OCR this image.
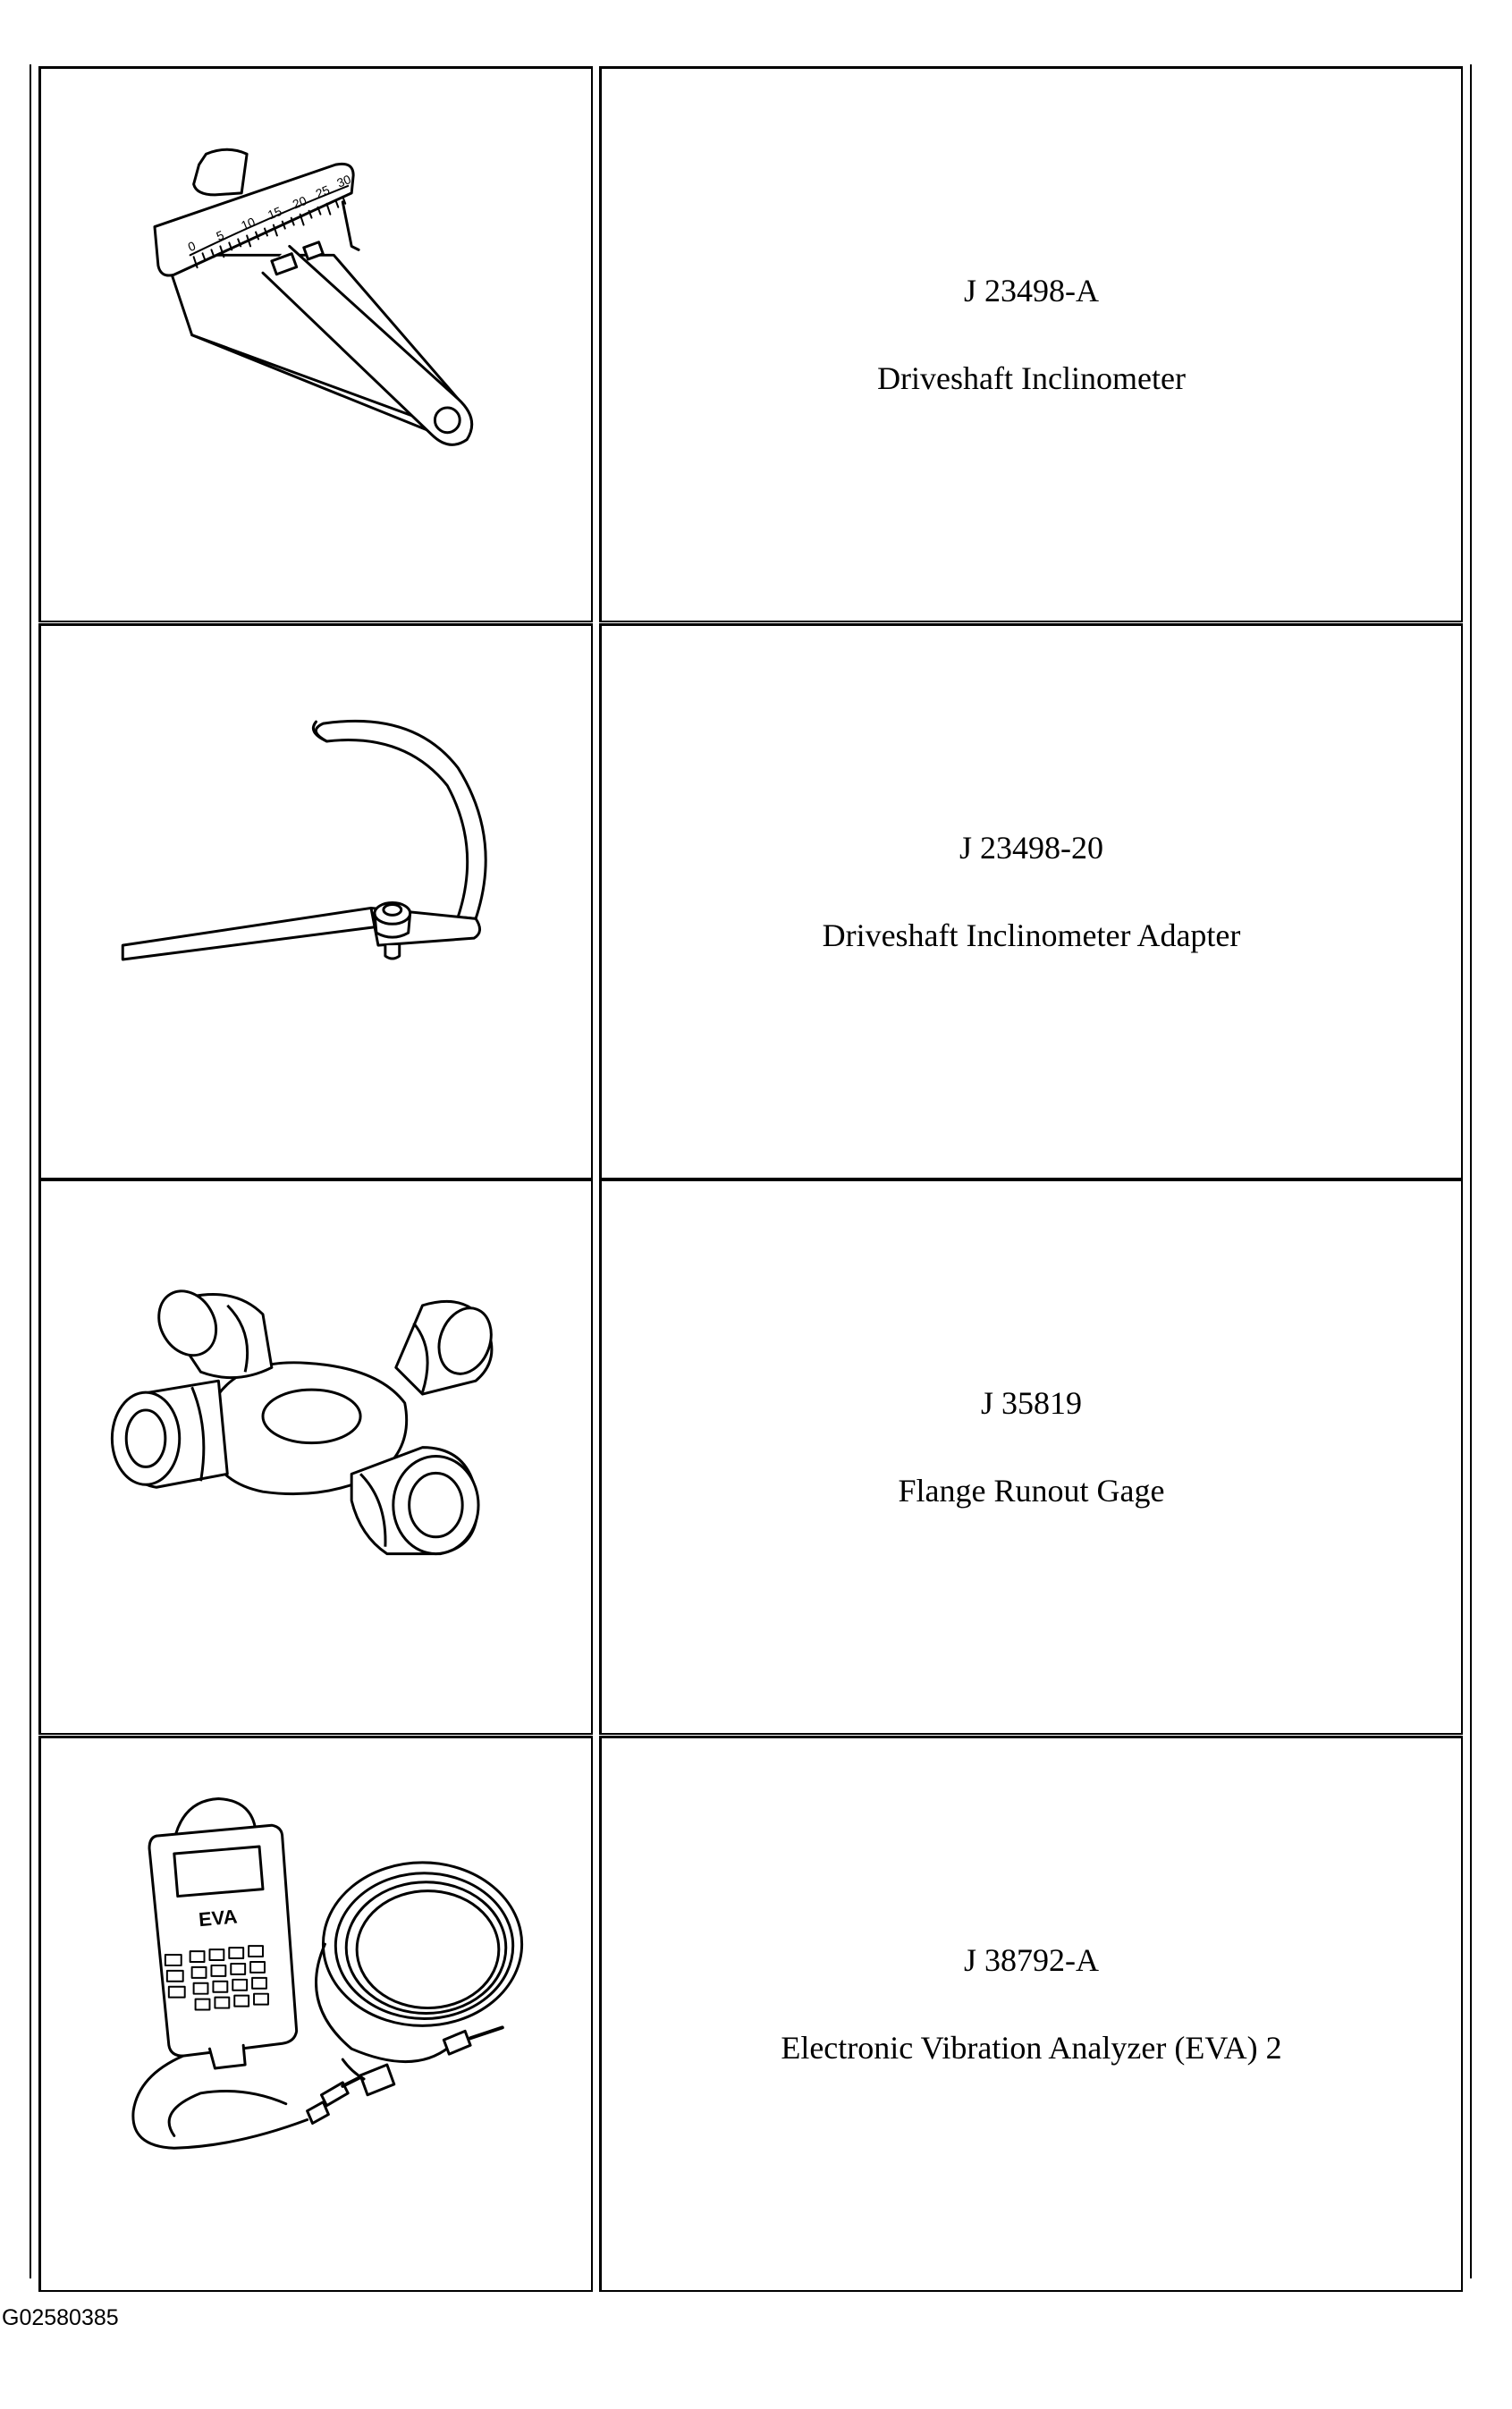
0
5
10
15
20
25
30
J 23498-A
Driveshaft Inclinometer
J 23498-20
Driveshaft Inclinometer Adapter
J 35819
Flange Runout Gage
EVA
J 38792-A
Electronic Vibration Analyzer (EVA) 2
G02580385
